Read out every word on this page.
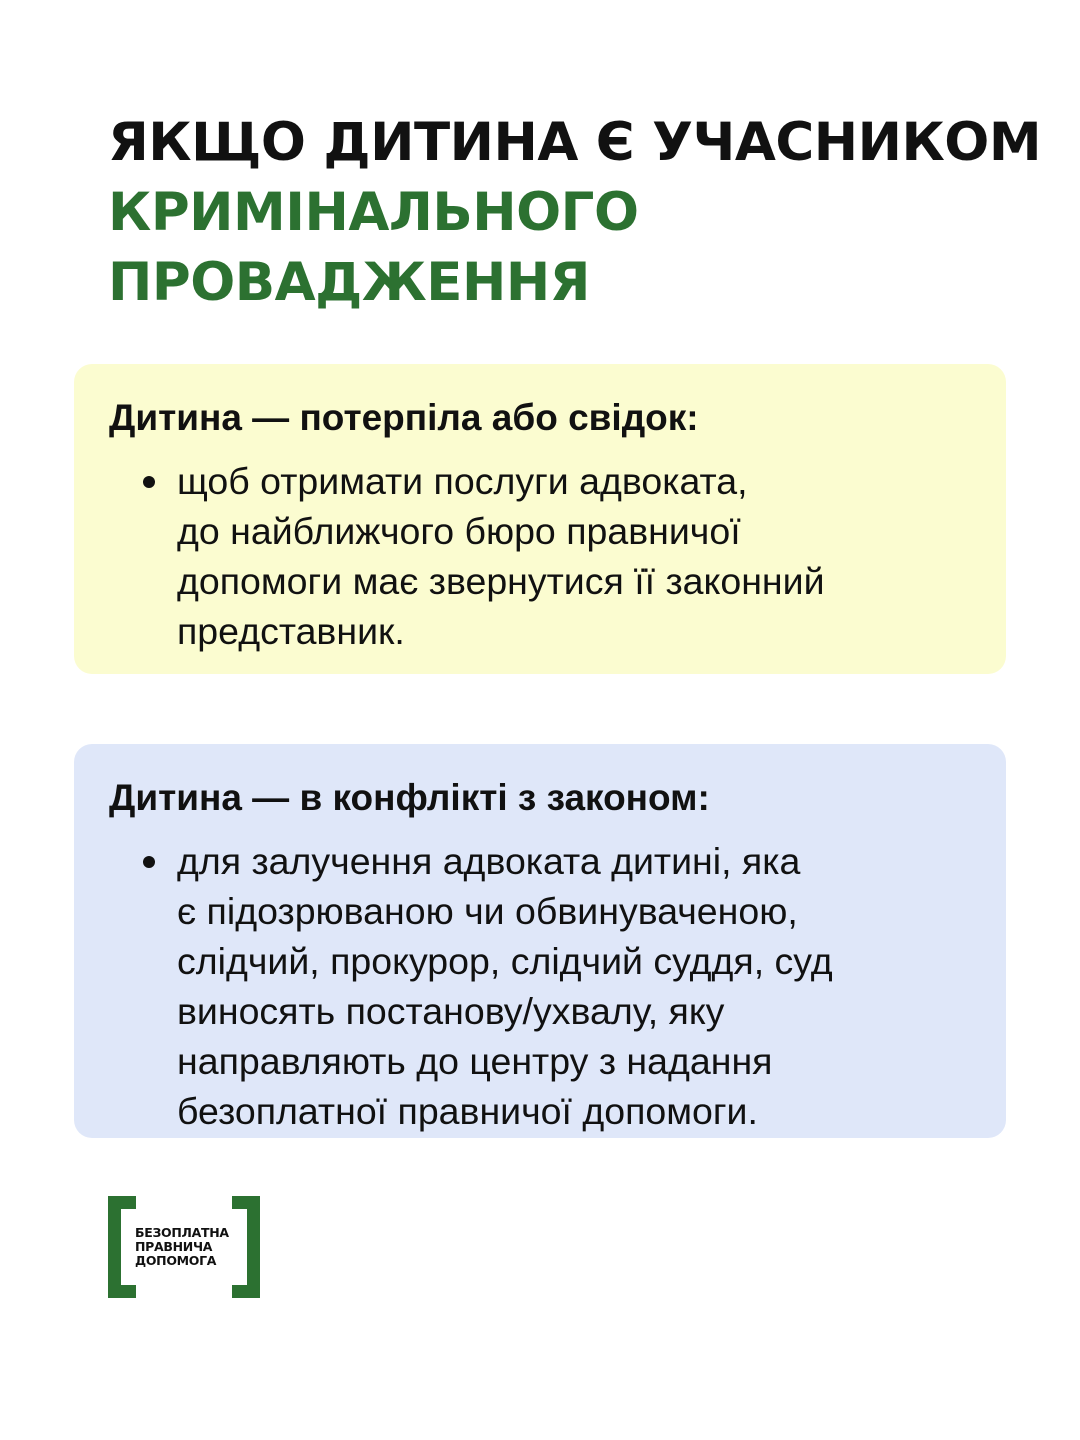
ЯКЩО ДИТИНА Є УЧАСНИКОМ
КРИМІНАЛЬНОГО
ПРОВАДЖЕННЯ
Дитина — потерпіла або свідок:
щоб отримати послуги адвоката,
до найближчого бюро правничої
допомоги має звернутися її законний
представник.
Дитина — в конфлікті з законом:
для залучення адвоката дитині, яка
є підозрюваною чи обвинуваченою,
слідчий, прокурор, слідчий суддя, суд
виносять постанову/ухвалу, яку
направляють до центру з надання
безоплатної правничої допомоги.
БЕЗОПЛАТНА
ПРАВНИЧА
ДОПОМОГА
